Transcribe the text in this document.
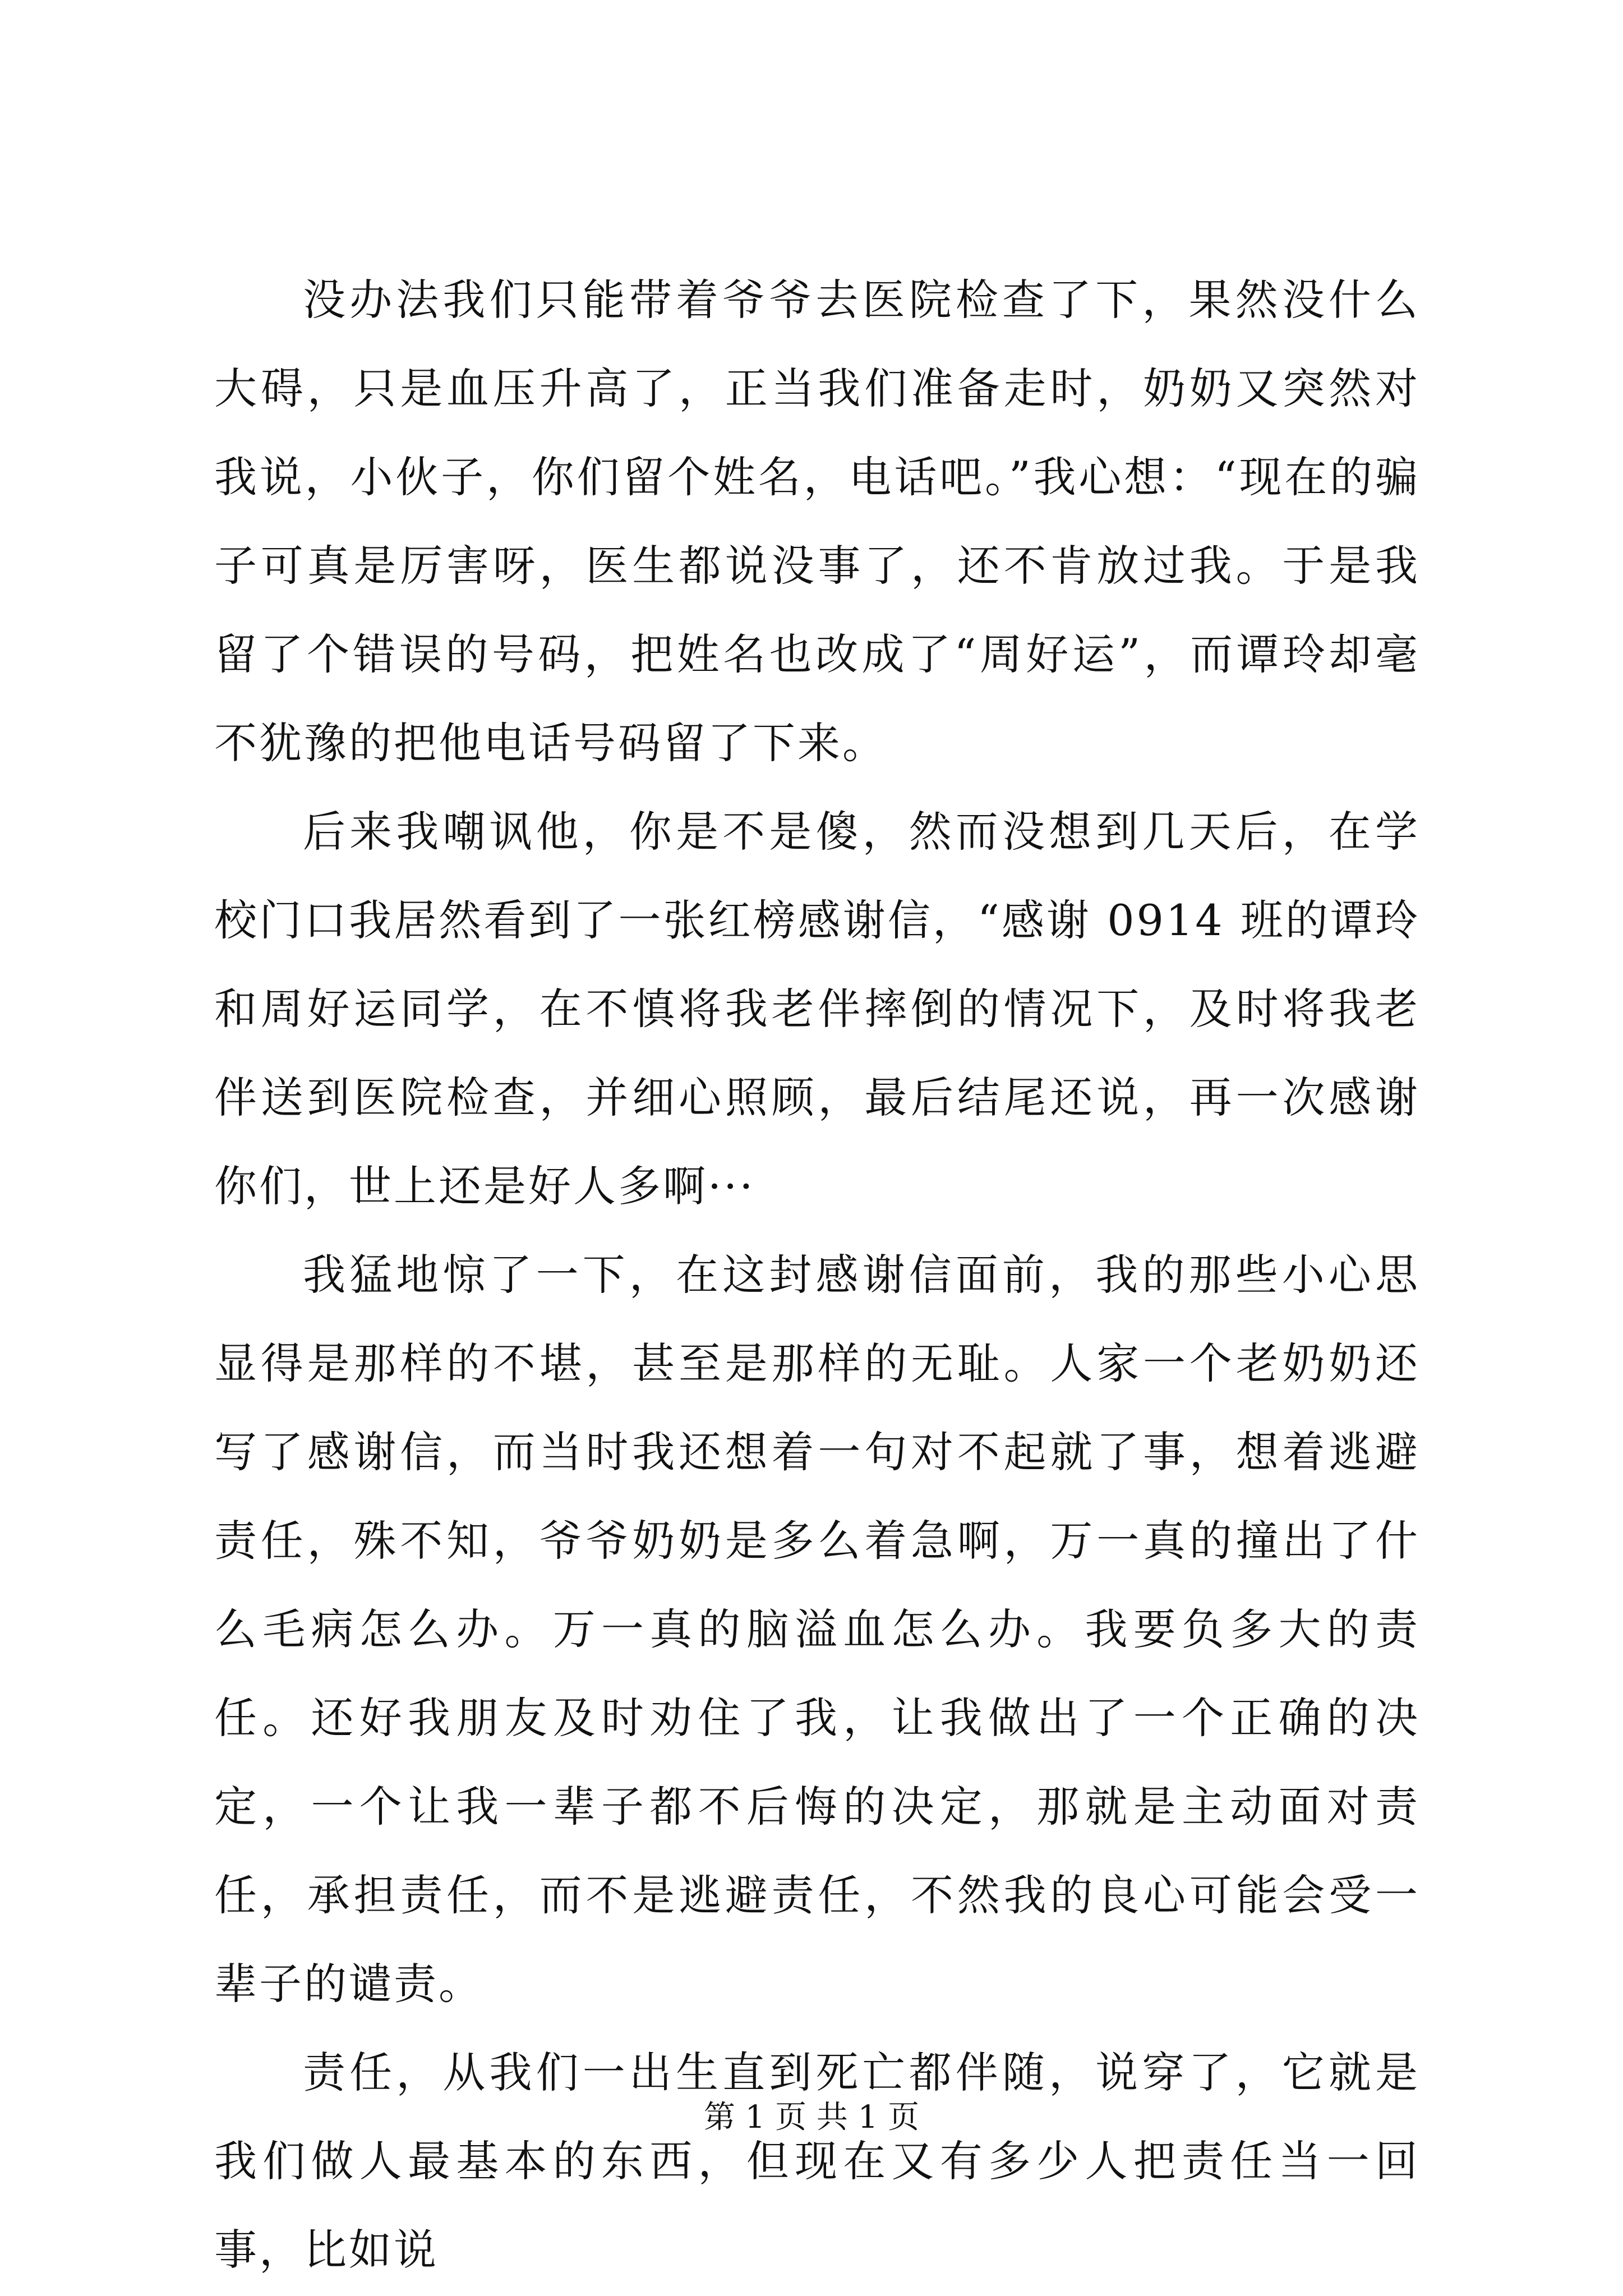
没办法我们只能带着爷爷去医院检查了下，果然没什么大碍，只是血压升高了，正当我们准备走时，奶奶又突然对我说，小伙子，你们留个姓名，电话吧。”我心想：“现在的骗子可真是厉害呀，医生都说没事了，还不肯放过我。于是我留了个错误的号码，把姓名也改成了“周好运”，而谭玲却毫不犹豫的把他电话号码留了下来。

后来我嘲讽他，你是不是傻，然而没想到几天后，在学校门口我居然看到了一张红榜感谢信，“感谢 0914 班的谭玲和周好运同学，在不慎将我老伴摔倒的情况下，及时将我老伴送到医院检查，并细心照顾，最后结尾还说，再一次感谢你们，世上还是好人多啊···

我猛地惊了一下，在这封感谢信面前，我的那些小心思显得是那样的不堪，甚至是那样的无耻。人家一个老奶奶还写了感谢信，而当时我还想着一句对不起就了事，想着逃避责任，殊不知，爷爷奶奶是多么着急啊，万一真的撞出了什么毛病怎么办。万一真的脑溢血怎么办。我要负多大的责任。还好我朋友及时劝住了我，让我做出了一个正确的决定，一个让我一辈子都不后悔的决定，那就是主动面对责任，承担责任，而不是逃避责任，不然我的良心可能会受一辈子的谴责。

责任，从我们一出生直到死亡都伴随，说穿了，它就是我们做人最基本的东西，但现在又有多少人把责任当一回事，比如说

第 1 页 共 1 页
